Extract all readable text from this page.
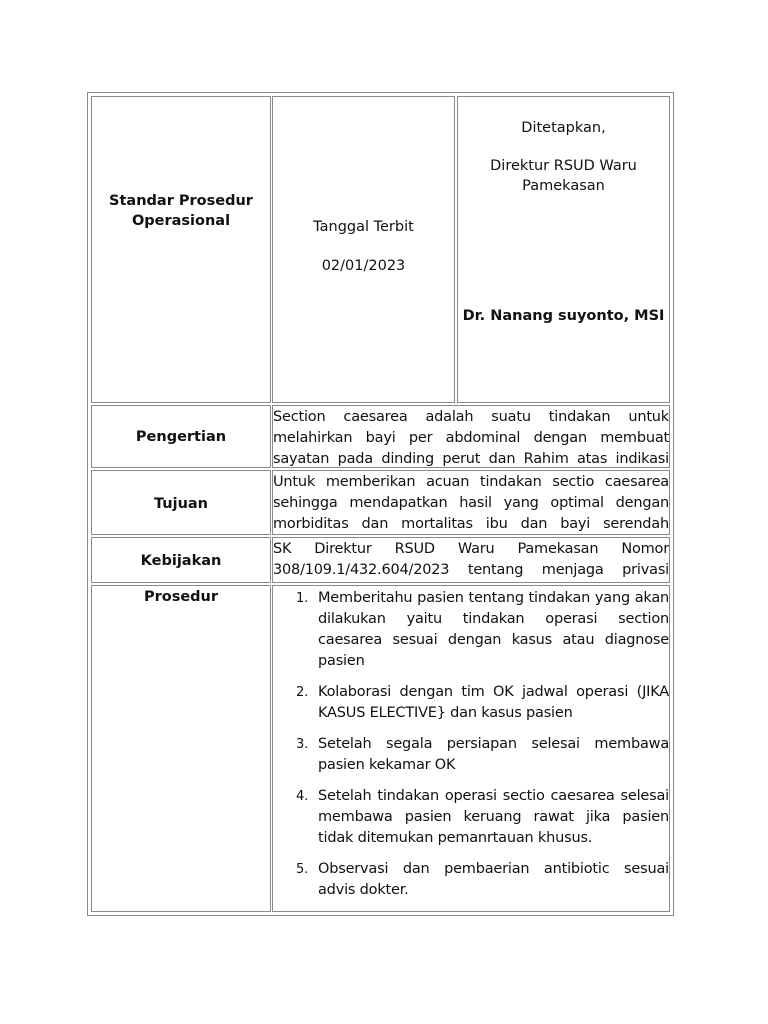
Standar Prosedur
Operasional	Tanggal Terbit
02/01/2023
Ditetapkan,
Direktur RSUD Waru
Pamekasan
Dr. Nanang suyonto, MSI
Pengertian
Section caesarea adalah suatu tindakan untuk melahirkan bayi per abdominal dengan membuat sayatan pada dinding perut dan Rahim atas indikasi
Tujuan
Untuk memberikan acuan tindakan sectio caesarea sehingga mendapatkan hasil yang optimal dengan morbiditas dan mortalitas ibu dan bayi serendah
Kebijakan
SK Direktur RSUD Waru Pamekasan Nomor 308/109.1/432.604/2023 tentang menjaga privasi
Prosedur	1. Memberitahu pasien tentang tindakan yang akan dilakukan yaitu tindakan operasi section caesarea sesuai dengan kasus atau diagnose pasien
2. Kolaborasi dengan tim OK jadwal operasi (JIKA KASUS ELECTIVE} dan kasus pasien
3. Setelah segala persiapan selesai membawa pasien kekamar OK
4. Setelah tindakan operasi sectio caesarea selesai membawa pasien keruang rawat jika pasien tidak ditemukan pemanrtauan khusus.
5. Observasi dan pembaerian antibiotic sesuai advis dokter.
